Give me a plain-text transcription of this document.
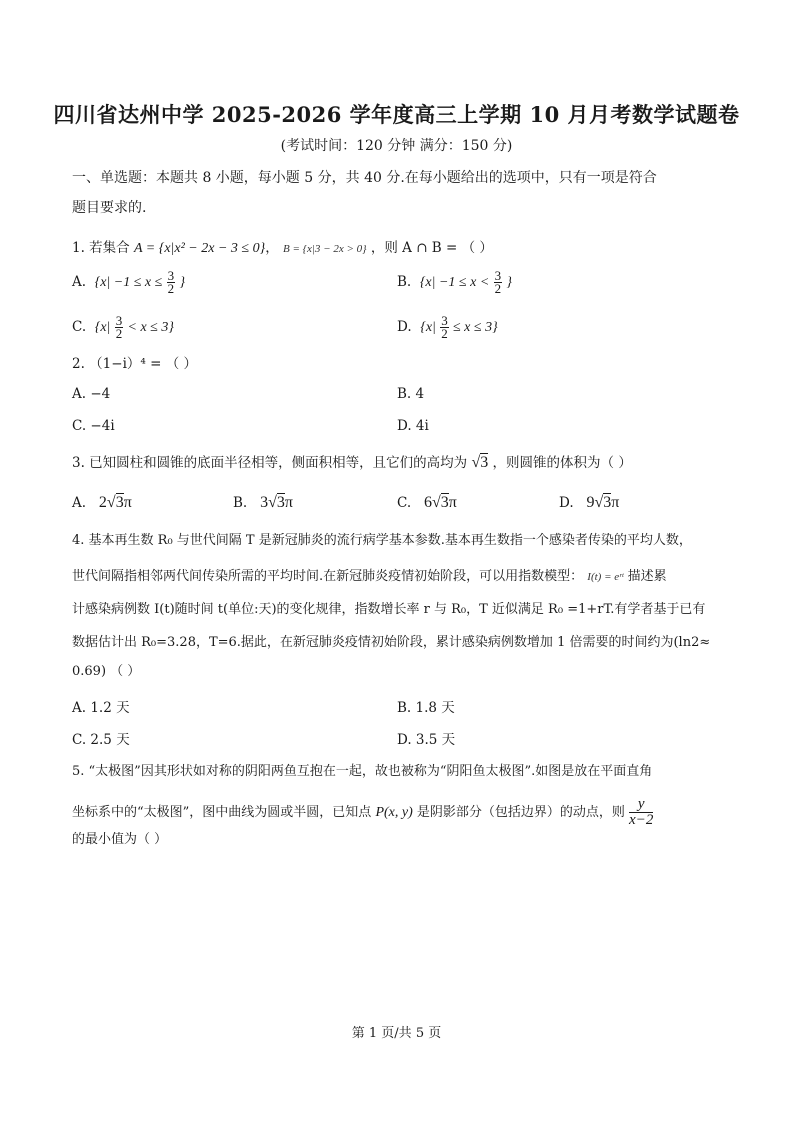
四川省达州中学 2025-2026 学年度高三上学期 10 月月考数学试题卷
(考试时间：120 分钟 满分：150 分)
一、单选题：本题共 8 小题，每小题 5 分，共 40 分.在每小题给出的选项中，只有一项是符合
题目要求的.
1. 若集合 A = {x|x² − 2x − 3 ≤ 0}， B = {x|3 − 2x > 0} ，则 A ∩ B = （ ）
A. {$x| -1 \le x \le \frac{3}{2}$ }	B. {$x| -1 \le x < \frac{3}{2}$ }
C. $\{x| \frac{3}{2} < x \le 3\}$	D. $\{x| \frac{3}{2} \le x \le 3\}$
2. （1−i）⁴ = （ ）
A. −4	B. 4
C. −4i	D. 4i
3. 已知圆柱和圆锥的底面半径相等，侧面积相等，且它们的高均为 √3 ，则圆锥的体积为（ ）
A. 2√3π	B. 3√3π	C. 6√3π	D. 9√3π
4. 基本再生数 R₀ 与世代间隔 T 是新冠肺炎的流行病学基本参数.基本再生数指一个感染者传染的平均人数，
世代间隔指相邻两代间传染所需的平均时间.在新冠肺炎疫情初始阶段，可以用指数模型： I(t) = eʳᵗ 描述累
计感染病例数 I(t)随时间 t(单位:天)的变化规律，指数增长率 r 与 R₀，T 近似满足 R₀ =1+rT.有学者基于已有
数据估计出 R₀=3.28，T=6.据此，在新冠肺炎疫情初始阶段，累计感染病例数增加 1 倍需要的时间约为(ln2≈
0.69) （ ）
A. 1.2 天	B. 1.8 天
C. 2.5 天	D. 3.5 天
5. “太极图”因其形状如对称的阴阳两鱼互抱在一起，故也被称为“阴阳鱼太极图”.如图是放在平面直角
坐标系中的“太极图”，图中曲线为圆或半圆，已知点 P(x, y) 是阴影部分（包括边界）的动点，则 $\frac{y}{x-2}$
的最小值为（ ）
第 1 页/共 5 页
